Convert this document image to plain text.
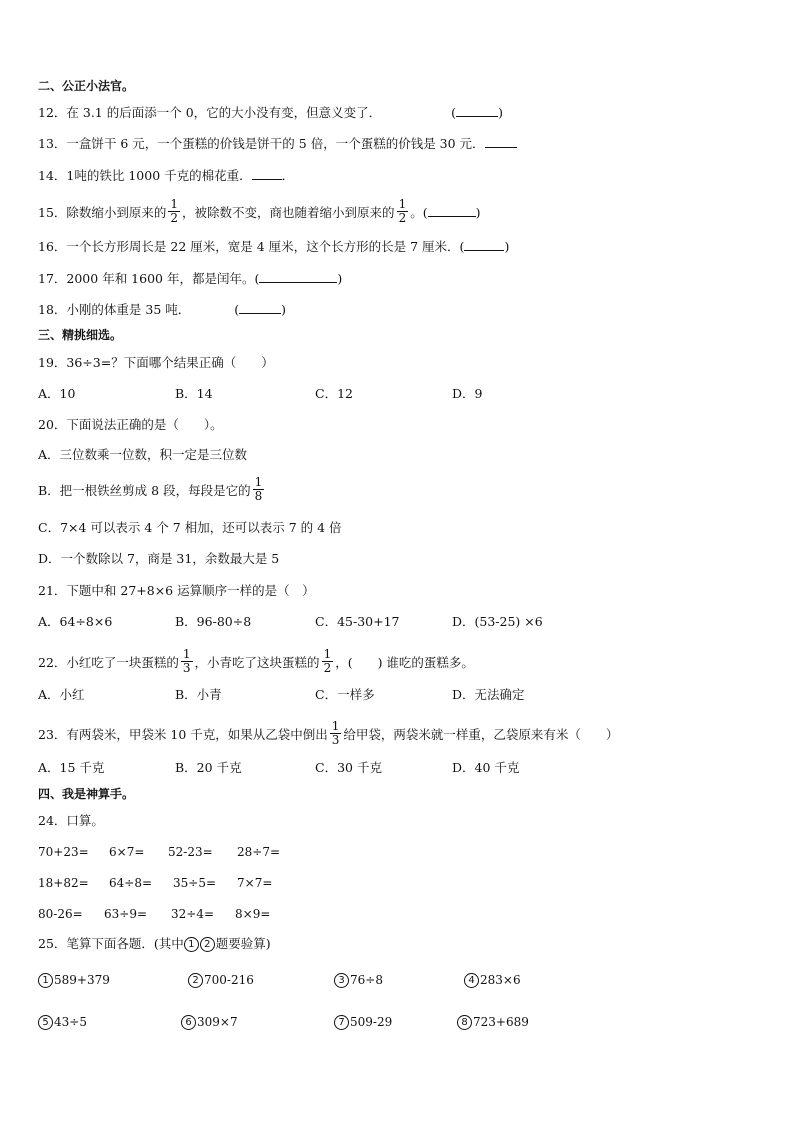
二、公正小法官。
12．在 3.1 的后面添一个 0，它的大小没有变，但意义变了．	(	)
13．一盒饼干 6 元，一个蛋糕的价钱是饼干的 5 倍，一个蛋糕的价钱是 30 元．
14．1吨的铁比 1000 千克的棉花重． ．
15．除数缩小到原来的 $\frac{1}{2}$ ，被除数不变，商也随着缩小到原来的 $\frac{1}{2}$ 。(	)
16．一个长方形周长是 22 厘米，宽是 4 厘米，这个长方形的长是 7 厘米．(	)
17．2000 年和 1600 年，都是闰年。(	)
18．小刚的体重是 35 吨．	(	)
三、精挑细选。
19．36÷3=？下面哪个结果正确（　　）
A．10	B．14	C．12	D．9
20．下面说法正确的是（　　）。
A．三位数乘一位数，积一定是三位数
B．把一根铁丝剪成 8 段，每段是它的 $\frac{1}{8}$
C．7×4 可以表示 4 个 7 相加，还可以表示 7 的 4 倍
D．一个数除以 7，商是 31，余数最大是 5
21．下题中和 27+8×6 运算顺序一样的是（　）
A．64÷8×6	B．96-80÷8	C．45-30+17	D．(53-25) ×6
22．小红吃了一块蛋糕的 $\frac{1}{3}$ ，小青吃了这块蛋糕的 $\frac{1}{2}$ ，(　　) 谁吃的蛋糕多。
A．小红	B．小青	C．一样多	D．无法确定
23．有两袋米，甲袋米 10 千克，如果从乙袋中倒出 $\frac{1}{3}$ 给甲袋，两袋米就一样重，乙袋原来有米（　　）
A．15 千克	B．20 千克	C．30 千克	D．40 千克
四、我是神算手。
24．口算。
70+23= 6×7= 52-23= 28÷7=
18+82= 64÷8= 35÷5= 7×7=
80-26= 63÷9= 32÷4= 8×9=
25．笔算下面各题．(其中 1 2 题要验算)
1 589+379	2 700-216	3 76÷8	4 283×6
5 43÷5	6 309×7	7 509-29	8 723+689
